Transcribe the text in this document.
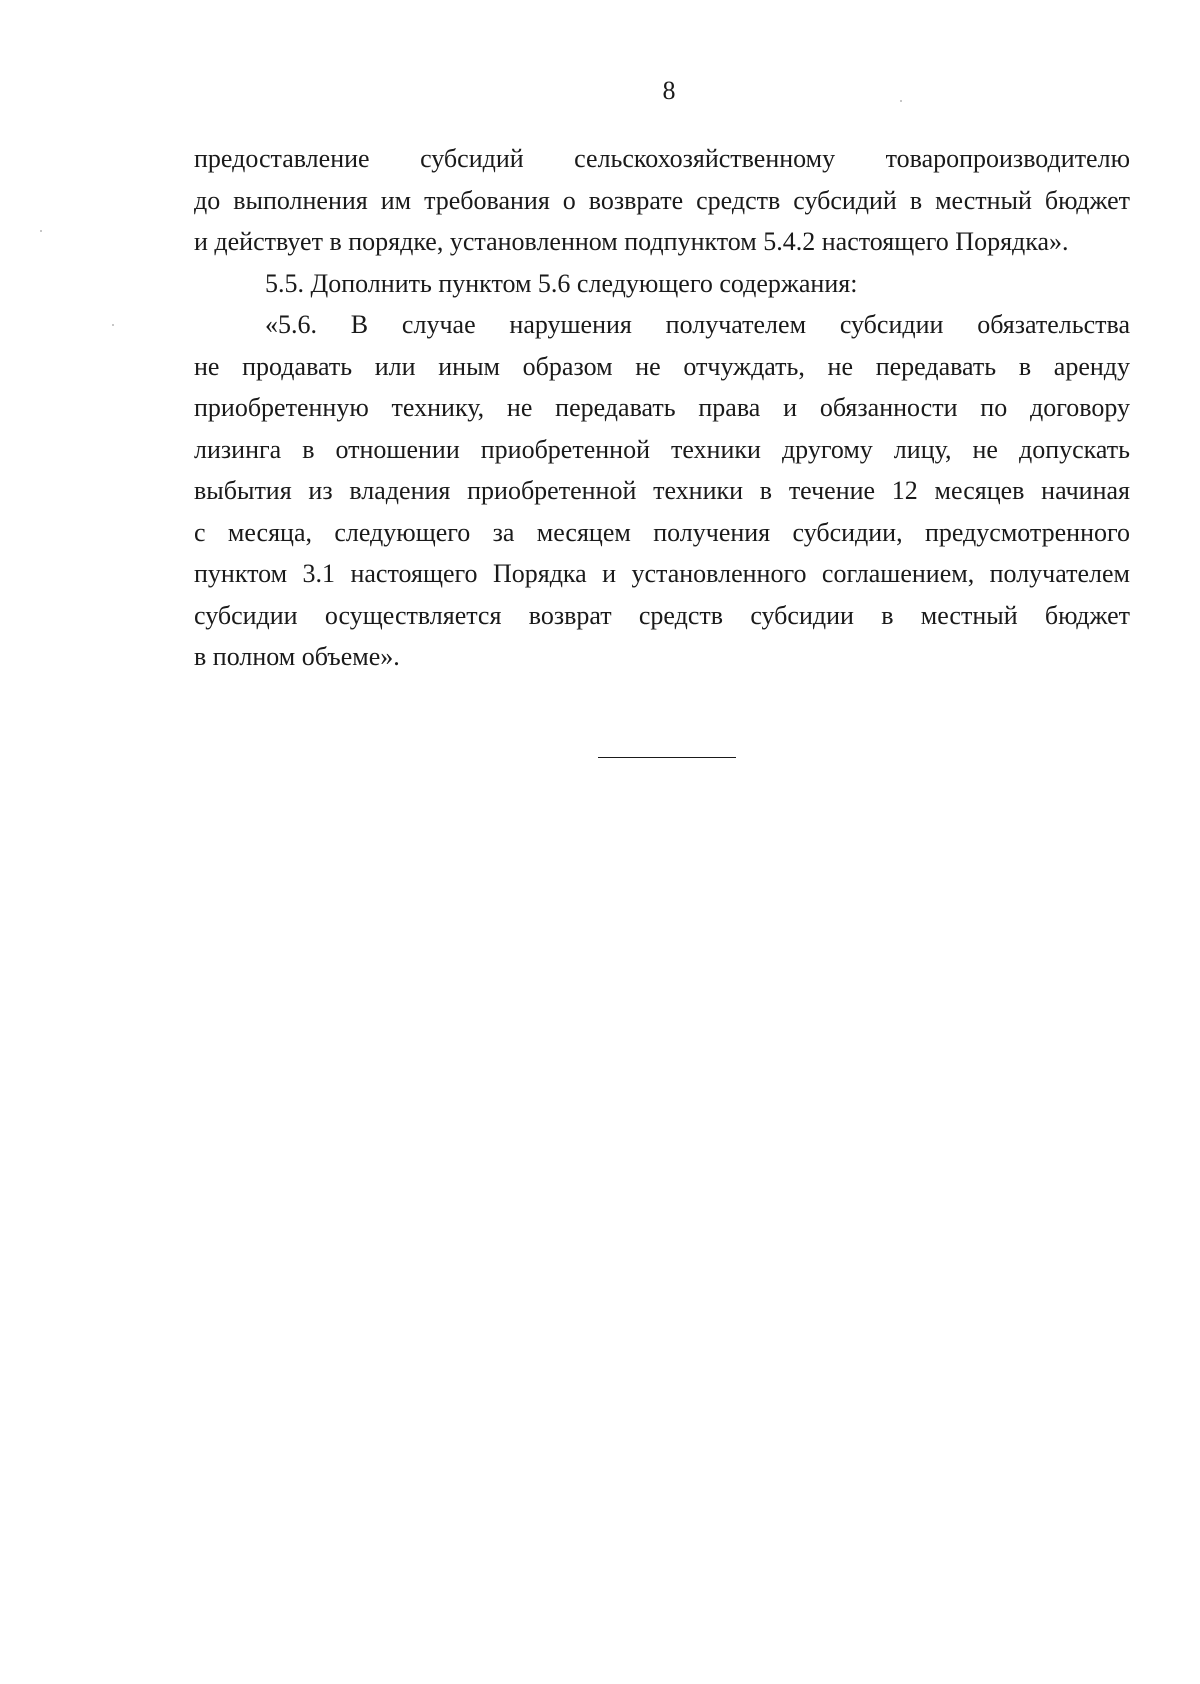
8
предоставление субсидий сельскохозяйственному товаропроизводителю
до выполнения им требования о возврате средств субсидий в местный бюджет
и действует в порядке, установленном подпунктом 5.4.2 настоящего Порядка».
5.5. Дополнить пунктом 5.6 следующего содержания:
«5.6. В случае нарушения получателем субсидии обязательства
не продавать или иным образом не отчуждать, не передавать в аренду
приобретенную технику, не передавать права и обязанности по договору
лизинга в отношении приобретенной техники другому лицу, не допускать
выбытия из владения приобретенной техники в течение 12 месяцев начиная
с месяца, следующего за месяцем получения субсидии, предусмотренного
пунктом 3.1 настоящего Порядка и установленного соглашением, получателем
субсидии осуществляется возврат средств субсидии в местный бюджет
в полном объеме».
